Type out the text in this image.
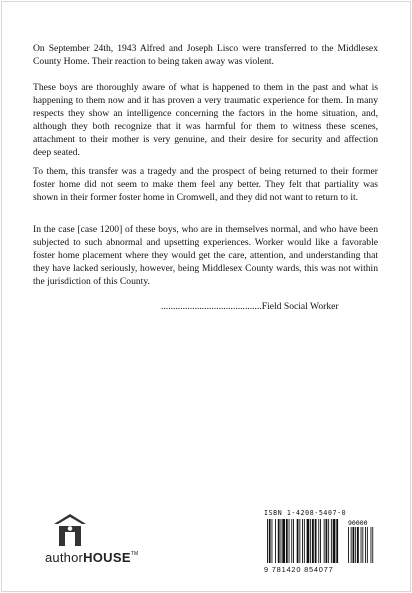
On September 24th, 1943 Alfred and Joseph Lisco were transferred to the Middlesex County Home. Their reaction to being taken away was violent.

These boys are thoroughly aware of what is happened to them in the past and what is happening to them now and it has proven a very traumatic experience for them. In many respects they show an intelligence concerning the factors in the home situation, and, although they both recognize that it was harmful for them to witness these scenes, attachment to their mother is very genuine, and their desire for security and affection deep seated.

To them, this transfer was a tragedy and the prospect of being returned to their former foster home did not seem to make them feel any better. They felt that partiality was shown in their former foster home in Cromwell, and they did not want to return to it.

In the case [case 1200] of these boys, who are in themselves normal, and who have been subjected to such abnormal and upsetting experiences. Worker would like a favorable foster home placement where they would get the care, attention, and understanding that they have lacked seriously, however, being Middlesex County wards, this was not within the jurisdiction of this County.

..........................................Field Social Worker
authorHOUSE™
ISBN 1-4208-5407-0
90000
9 781420 854077
